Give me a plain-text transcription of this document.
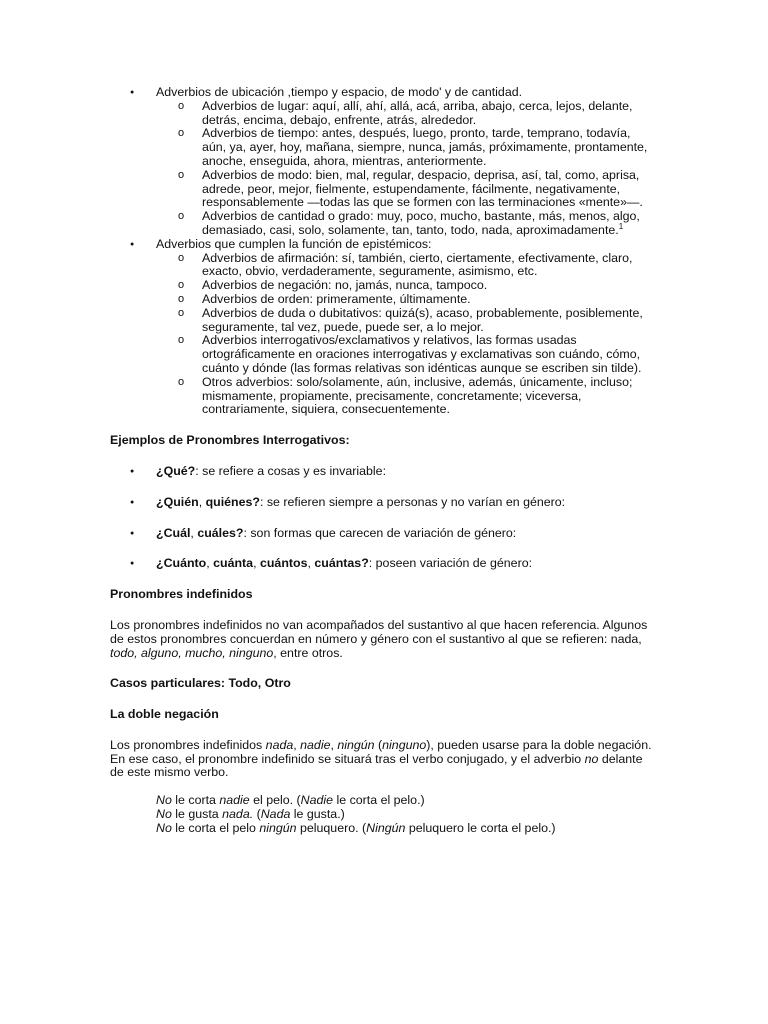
● Adverbios de ubicación ,tiempo y espacio, de modo' y de cantidad.
o Adverbios de lugar: aquí, allí, ahí, allá, acá, arriba, abajo, cerca, lejos, delante, detrás, encima, debajo, enfrente, atrás, alrededor.
o Adverbios de tiempo: antes, después, luego, pronto, tarde, temprano, todavía, aún, ya, ayer, hoy, mañana, siempre, nunca, jamás, próximamente, prontamente, anoche, enseguida, ahora, mientras, anteriormente.
o Adverbios de modo: bien, mal, regular, despacio, deprisa, así, tal, como, aprisa, adrede, peor, mejor, fielmente, estupendamente, fácilmente, negativamente, responsablemente —todas las que se formen con las terminaciones «mente»—.
o Adverbios de cantidad o grado: muy, poco, mucho, bastante, más, menos, algo, demasiado, casi, solo, solamente, tan, tanto, todo, nada, aproximadamente.$^1$
● Adverbios que cumplen la función de epistémicos:
o Adverbios de afirmación: sí, también, cierto, ciertamente, efectivamente, claro, exacto, obvio, verdaderamente, seguramente, asimismo, etc.
o Adverbios de negación: no, jamás, nunca, tampoco.
o Adverbios de orden: primeramente, últimamente.
o Adverbios de duda o dubitativos: quizá(s), acaso, probablemente, posiblemente, seguramente, tal vez, puede, puede ser, a lo mejor.
o Adverbios interrogativos/exclamativos y relativos, las formas usadas ortográficamente en oraciones interrogativas y exclamativas son cuándo, cómo, cuánto y dónde (las formas relativas son idénticas aunque se escriben sin tilde).
o Otros adverbios: solo/solamente, aún, inclusive, además, únicamente, incluso; mismamente, propiamente, precisamente, concretamente; viceversa, contrariamente, siquiera, consecuentemente.

Ejemplos de Pronombres Interrogativos:

● ¿Qué?: se refiere a cosas y es invariable:
● ¿Quién, quiénes?: se refieren siempre a personas y no varían en género:
● ¿Cuál, cuáles?: son formas que carecen de variación de género:
● ¿Cuánto, cuánta, cuántos, cuántas?: poseen variación de género:

Pronombres indefinidos

Los pronombres indefinidos no van acompañados del sustantivo al que hacen referencia. Algunos de estos pronombres concuerdan en número y género con el sustantivo al que se refieren: nada, todo, alguno, mucho, ninguno, entre otros.

Casos particulares: Todo, Otro

La doble negación

Los pronombres indefinidos nada, nadie, ningún (ninguno), pueden usarse para la doble negación. En ese caso, el pronombre indefinido se situará tras el verbo conjugado, y el adverbio no delante de este mismo verbo.

No le corta nadie el pelo. (Nadie le corta el pelo.)

No le gusta nada. (Nada le gusta.)

No le corta el pelo ningún peluquero. (Ningún peluquero le corta el pelo.)
